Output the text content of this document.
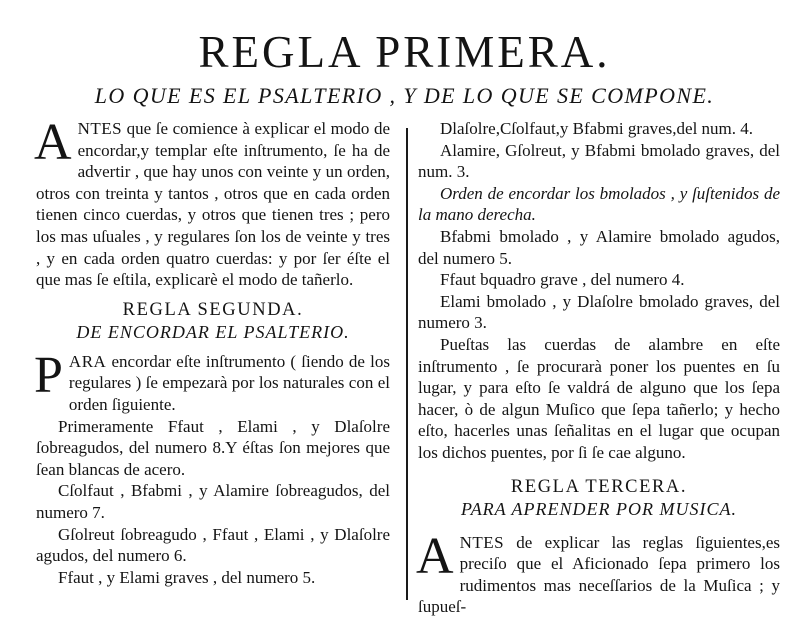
REGLA PRIMERA.
LO QUE ES EL PSALTERIO , Y DE LO QUE SE COMPONE.

ANTES que ſe comience à explicar el modo de encordar,y templar eſte inſtrumento, ſe ha de advertir , que hay unos con veinte y un orden, otros con treinta y tantos , otros que en cada orden tienen cinco cuerdas, y otros que tienen tres ; pero los mas uſuales , y regulares ſon los de veinte y tres , y en cada orden quatro cuerdas: y por ſer éſte el que mas ſe eſtila, explicarè el modo de tañerlo.

REGLA SEGUNDA.

DE ENCORDAR EL PSALTERIO.

PARA encordar eſte inſtrumento ( ſiendo de los regulares ) ſe empezarà por los naturales con el orden ſiguiente.

Primeramente Ffaut , Elami , y Dlaſolre ſobreagudos, del numero 8.Y éſtas ſon mejores que ſean blancas de acero.

Cſolfaut , Bfabmi , y Alamire ſobreagudos, del numero 7.

Gſolreut ſobreagudo , Ffaut , Elami , y Dlaſolre agudos, del numero 6.

Ffaut , y Elami graves , del numero 5.

Dlaſolre,Cſolfaut,y Bfabmi graves,del num. 4.

Alamire, Gſolreut, y Bfabmi bmolado graves, del num. 3.

Orden de encordar los bmolados , y ſuſtenidos de la mano derecha.

Bfabmi bmolado , y Alamire bmolado agudos, del numero 5.

Ffaut bquadro grave , del numero 4.

Elami bmolado , y Dlaſolre bmolado graves, del numero 3.

Pueſtas las cuerdas de alambre en eſte inſtrumento , ſe procurarà poner los puentes en ſu lugar, y para eſto ſe valdrá de alguno que los ſepa hacer, ò de algun Muſico que ſepa tañerlo; y hecho eſto, hacerles unas ſeñalitas en el lugar que ocupan los dichos puentes, por ſi ſe cae alguno.

REGLA TERCERA.

PARA APRENDER POR MUSICA.

ANTES de explicar las reglas ſiguientes,es preciſo que el Aficionado ſepa primero los rudimentos mas neceſſarios de la Muſica ; y ſupueſ-
